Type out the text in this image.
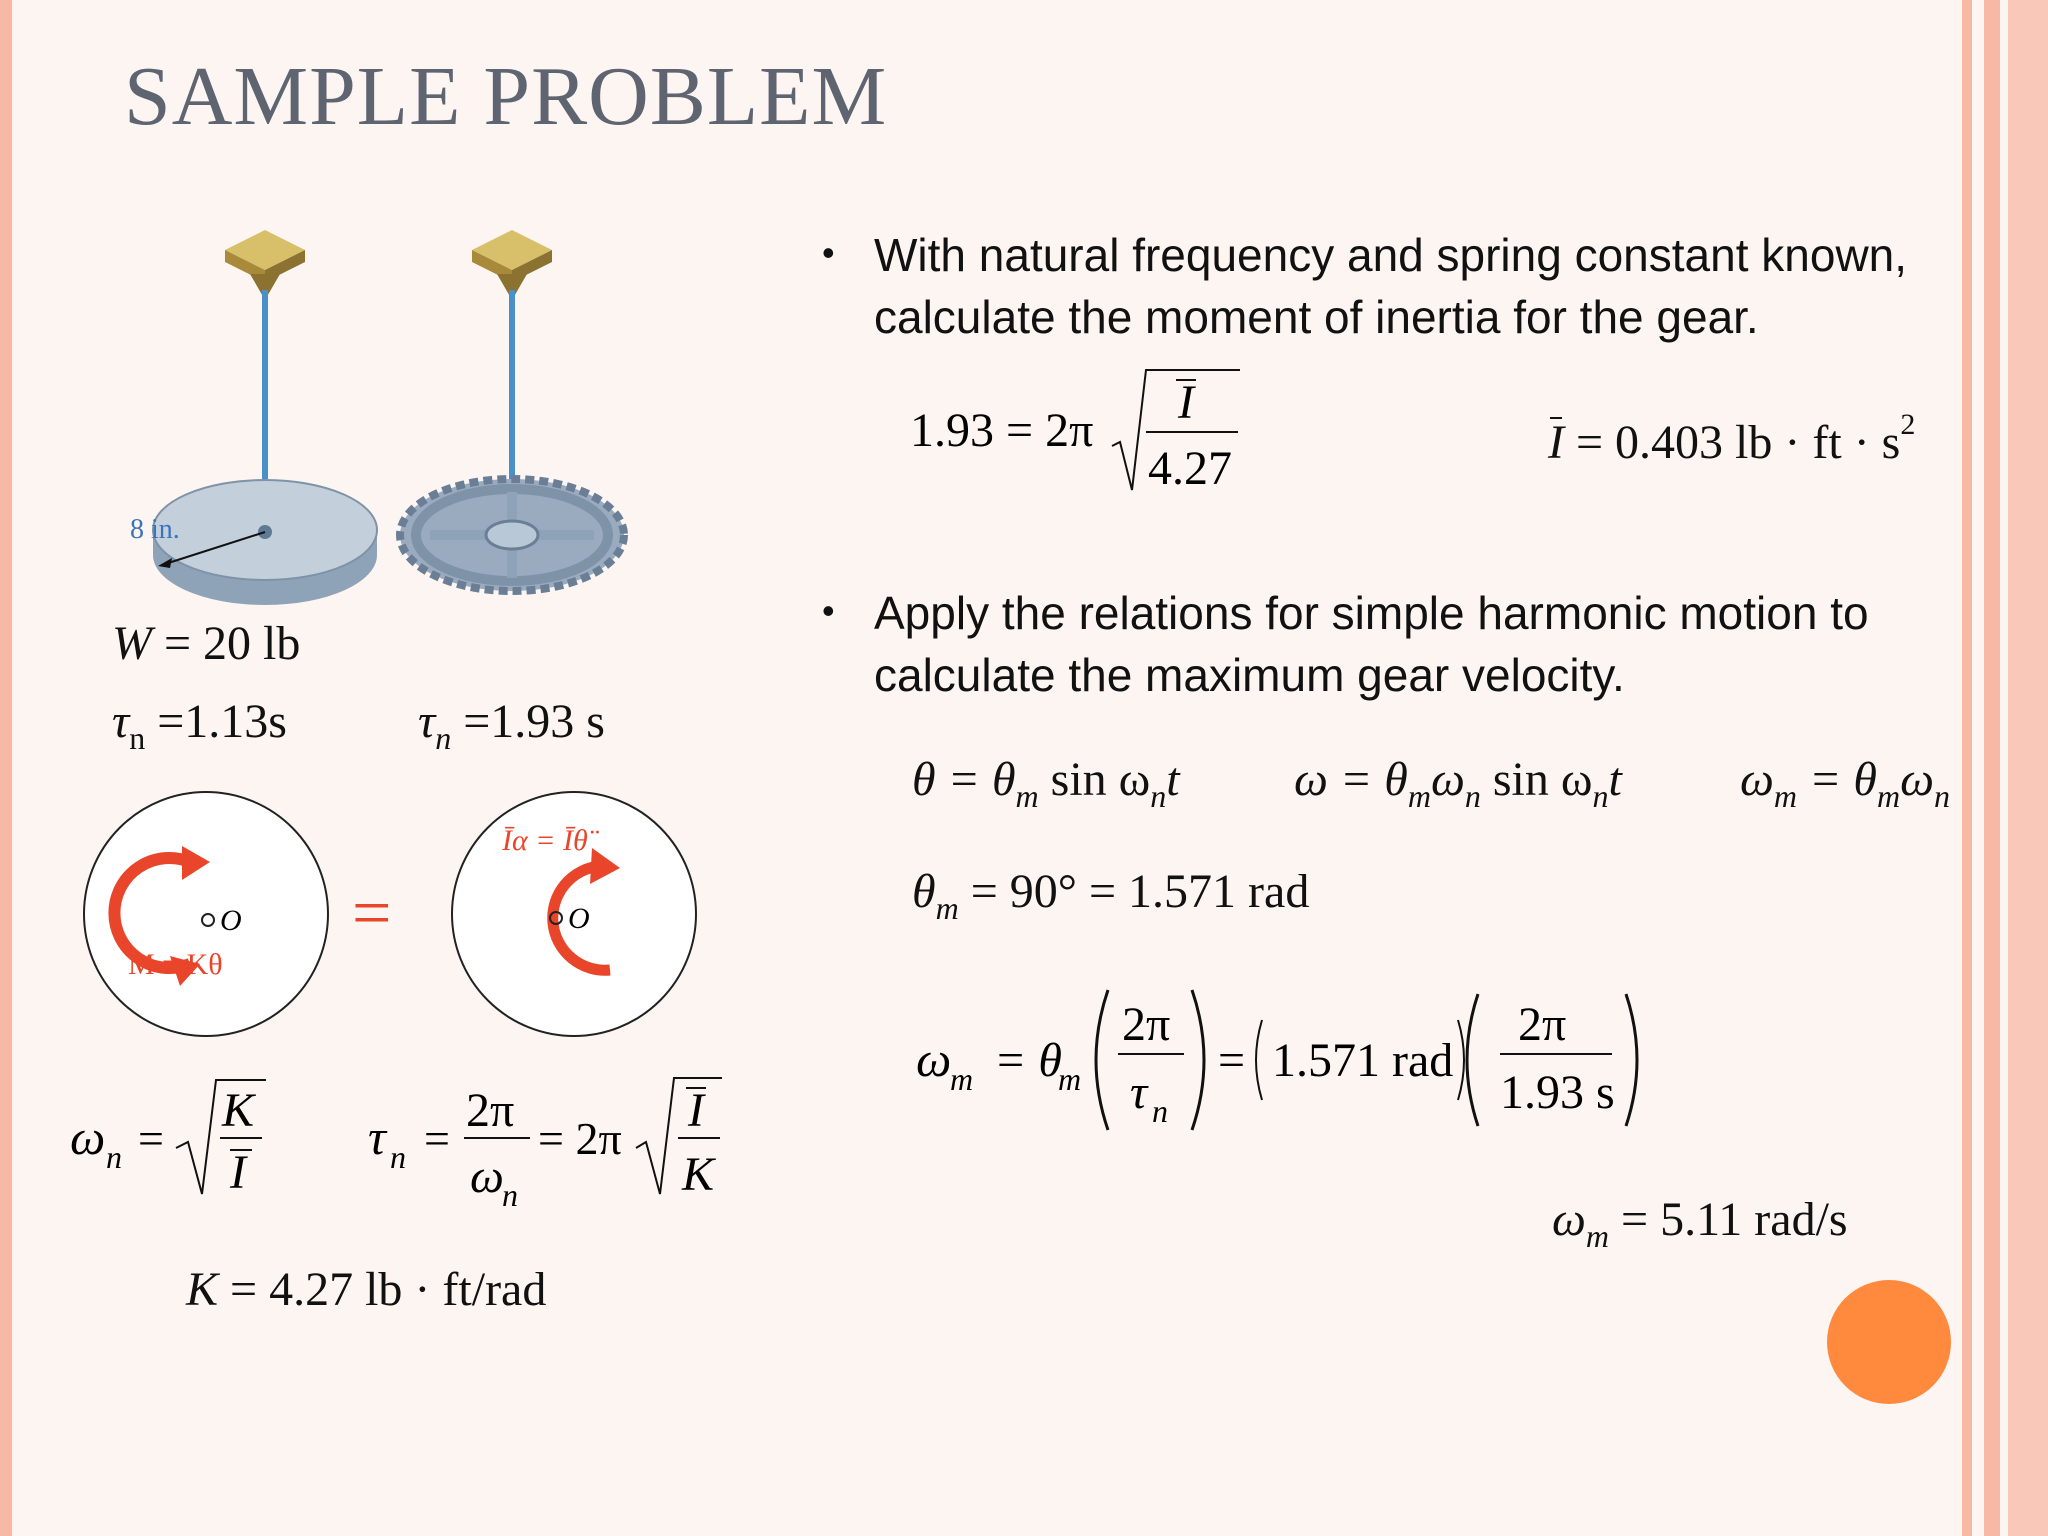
SAMPLE PROBLEM
8 in.
W = 20 lb
$\tau_n =1.13s$	$\tau_n =1.93$ s
O
M = Kθ
=	O
Īα = Īθ̈
ω n =
K
I
τ n =
2π
ω
n
= 2π
I
K
K = 4.27 lb · ft/rad
• With natural frequency and spring constant known, calculate the moment of inertia for the gear.
1.93 = 2π
I
4.27	I = 0.403 lb · ft · $s^2$
• Apply the relations for simple harmonic motion to calculate the maximum gear velocity.
$\theta = \theta_m$ $\sin \omega_nt$ $\omega = \theta_m\omega_n$ $\sin \omega_nt$ $\omega_m = \theta_m\omega_n$
$\theta_m = 90^\circ = 1.571$ rad
ω
m = θ
m
2π
τ n
= 1.571 rad
2π
1.93 s
$\omega_m = 5.11$ rad/s
